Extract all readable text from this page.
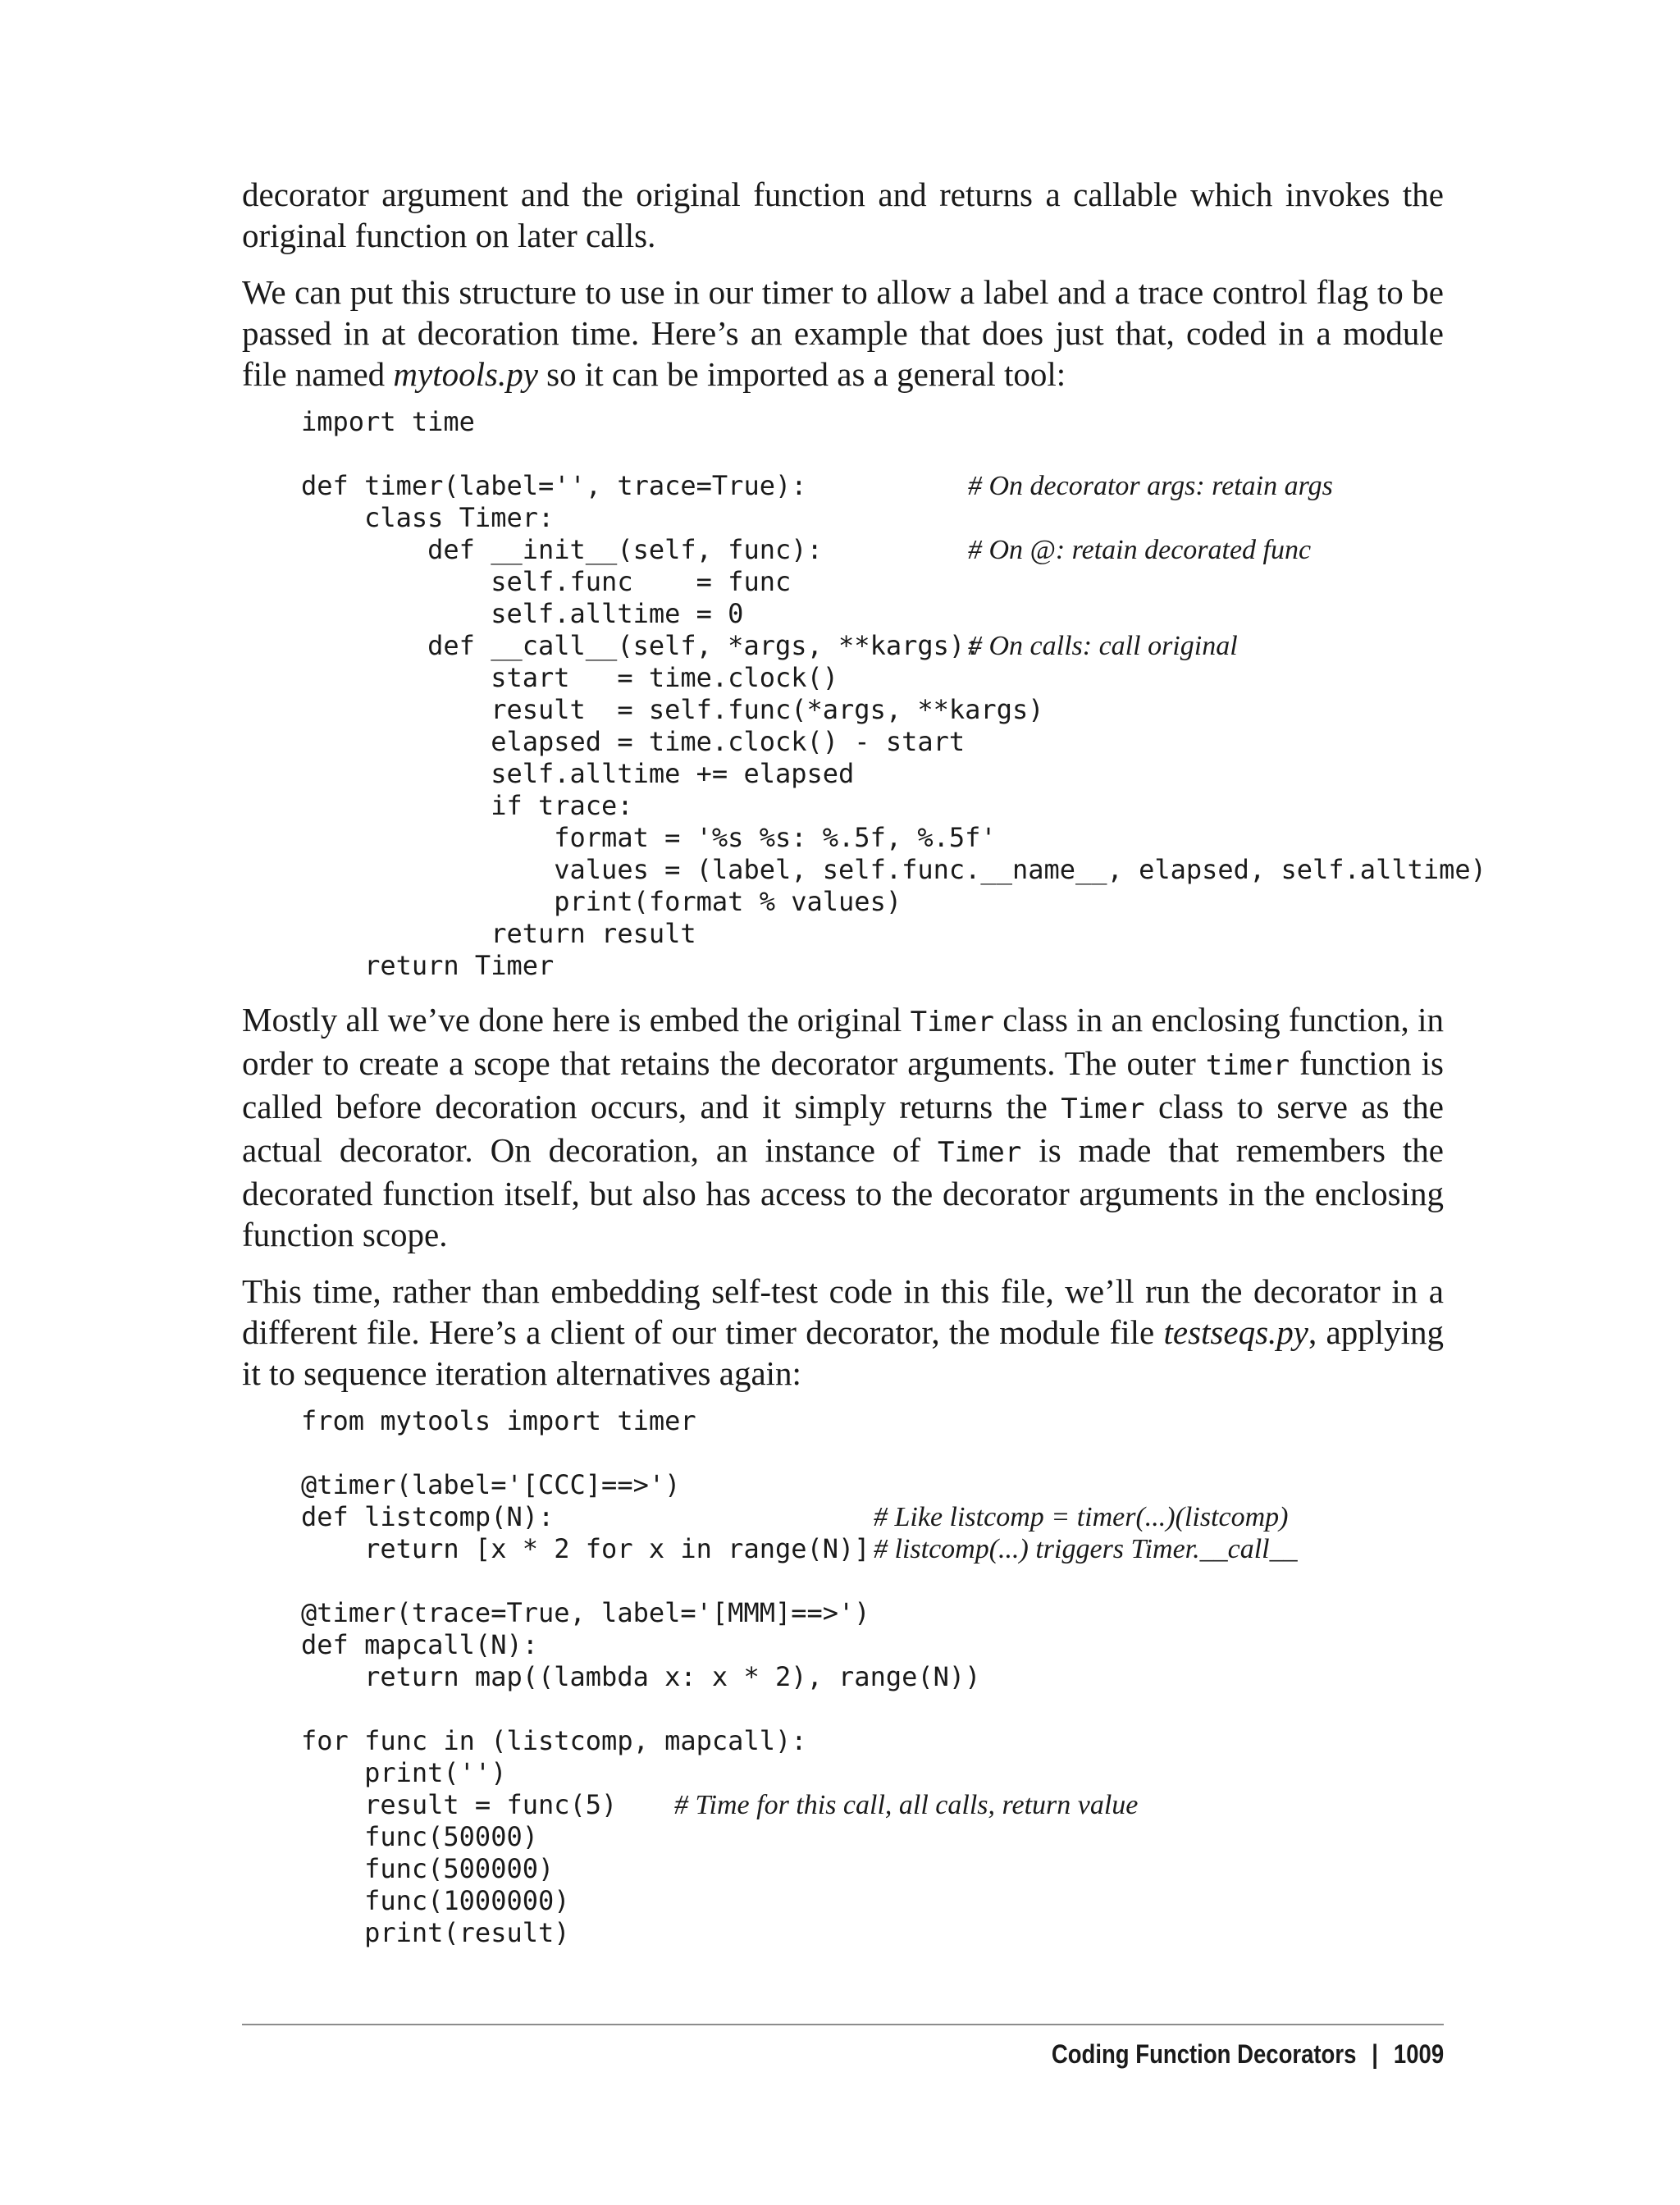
decorator argument and the original function and returns a callable which invokes the original function on later calls.

We can put this structure to use in our timer to allow a label and a trace control flag to be passed in at decoration time. Here’s an example that does just that, coded in a module file named mytools.py so it can be imported as a general tool:

import time
def timer(label='', trace=True):	# On decorator args: retain args
class Timer:
def __init__(self, func):	# On @: retain decorated func
self.func    = func
self.alltime = 0
def __call__(self, *args, **kargs):
# On calls: call original
start   = time.clock()
result  = self.func(*args, **kargs)
elapsed = time.clock() - start
self.alltime += elapsed
if trace:
format = '%s %s: %.5f, %.5f'
values = (label, self.func.__name__, elapsed, self.alltime)
print(format % values)
return result
return Timer

Mostly all we’ve done here is embed the original Timer class in an enclosing function, in order to create a scope that retains the decorator arguments. The outer timer function is called before decoration occurs, and it simply returns the Timer class to serve as the actual decorator. On decoration, an instance of Timer is made that remembers the decorated function itself, but also has access to the decorator arguments in the enclosing function scope.

This time, rather than embedding self-test code in this file, we’ll run the decorator in a different file. Here’s a client of our timer decorator, the module file testseqs.py, applying it to sequence iteration alternatives again:

from mytools import timer
@timer(label='[CCC]==>')
def listcomp(N):	# Like listcomp = timer(...)(listcomp)
return [x * 2 for x in range(N)] # listcomp(...) triggers Timer.__call__
@timer(trace=True, label='[MMM]==>')
def mapcall(N):
return map((lambda x: x * 2), range(N))
for func in (listcomp, mapcall):
print('')
result = func(5) # Time for this call, all calls, return value
func(50000)
func(500000)
func(1000000)
print(result)
Coding Function Decorators | 1009
